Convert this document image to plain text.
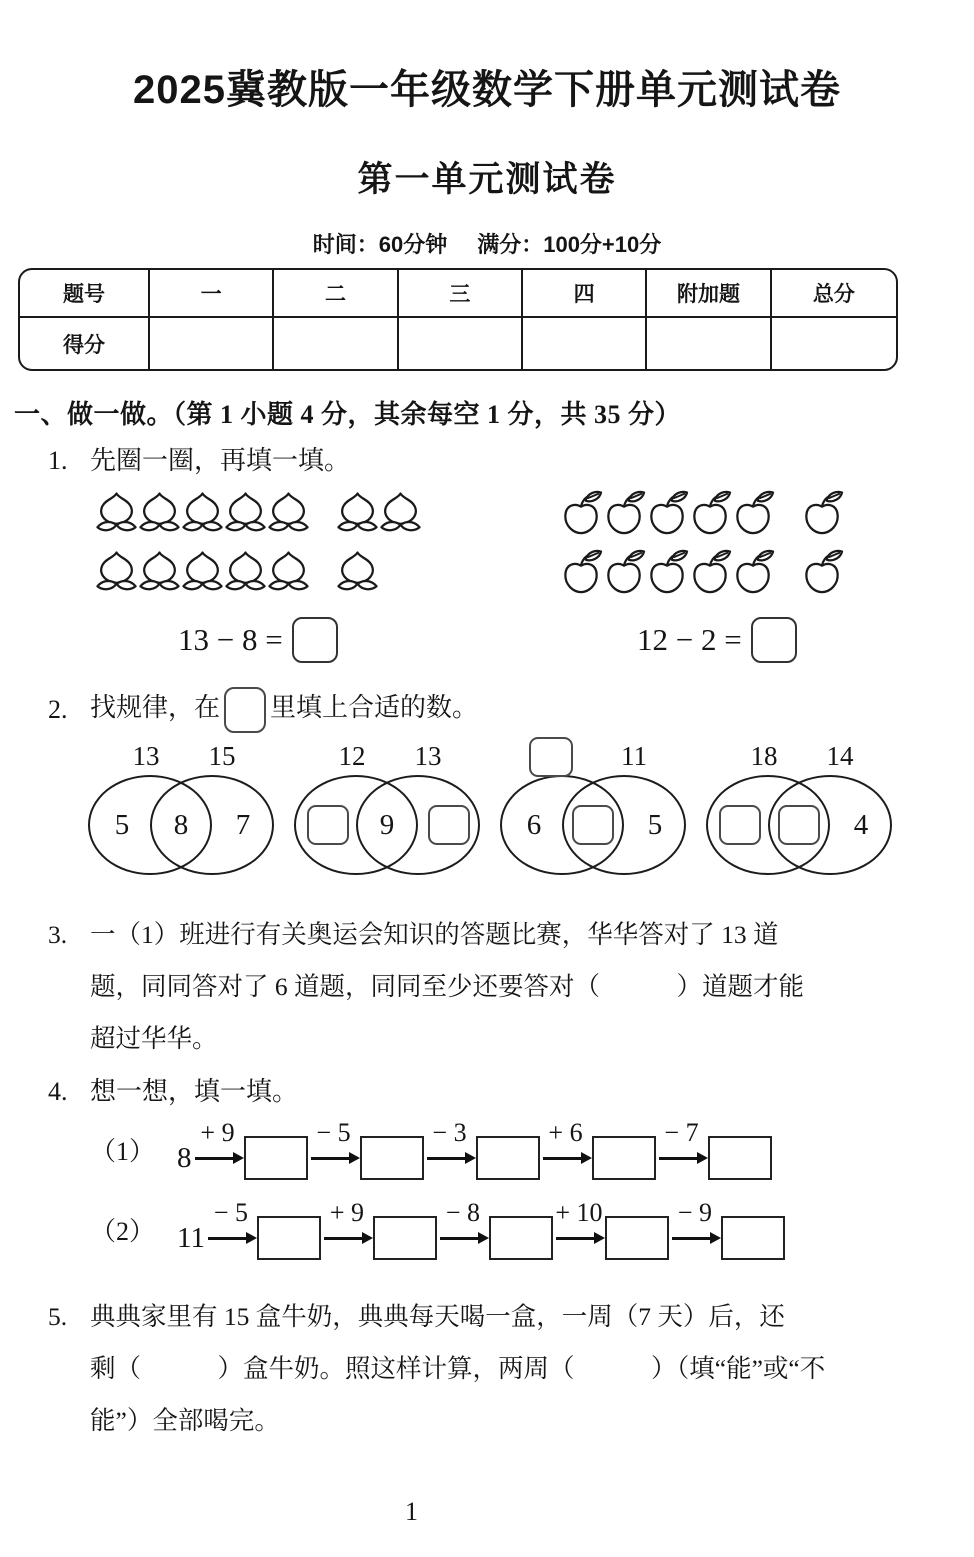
2025冀教版一年级数学下册单元测试卷
第一单元测试卷
时间：60分钟 满分：100分+10分
题号	一	二	三	四	附加题	总分
得分
一、做一做。（第 1 小题 4 分，其余每空 1 分，共 35 分）
1. 先圈一圈，再填一填。
13 − 8 =	12 − 2 =
2. 找规律，在 里填上合适的数。
13	15
5	8	7
12	13
9
11
6	5
18	14
4
3. 一（1）班进行有关奥运会知识的答题比赛，华华答对了 13 道
题，同同答对了 6 道题，同同至少还要答对（　　　）道题才能
超过华华。
4. 想一想，填一填。
（1） 8
+ 9	− 5	− 3	+ 6	− 7
（2） 11
− 5	+ 9	− 8	+ 10	− 9
5. 典典家里有 15 盒牛奶，典典每天喝一盒，一周（7 天）后，还
剩（　　　）盒牛奶。照这样计算，两周（　　　）（填“能”或“不
能”）全部喝完。
1
